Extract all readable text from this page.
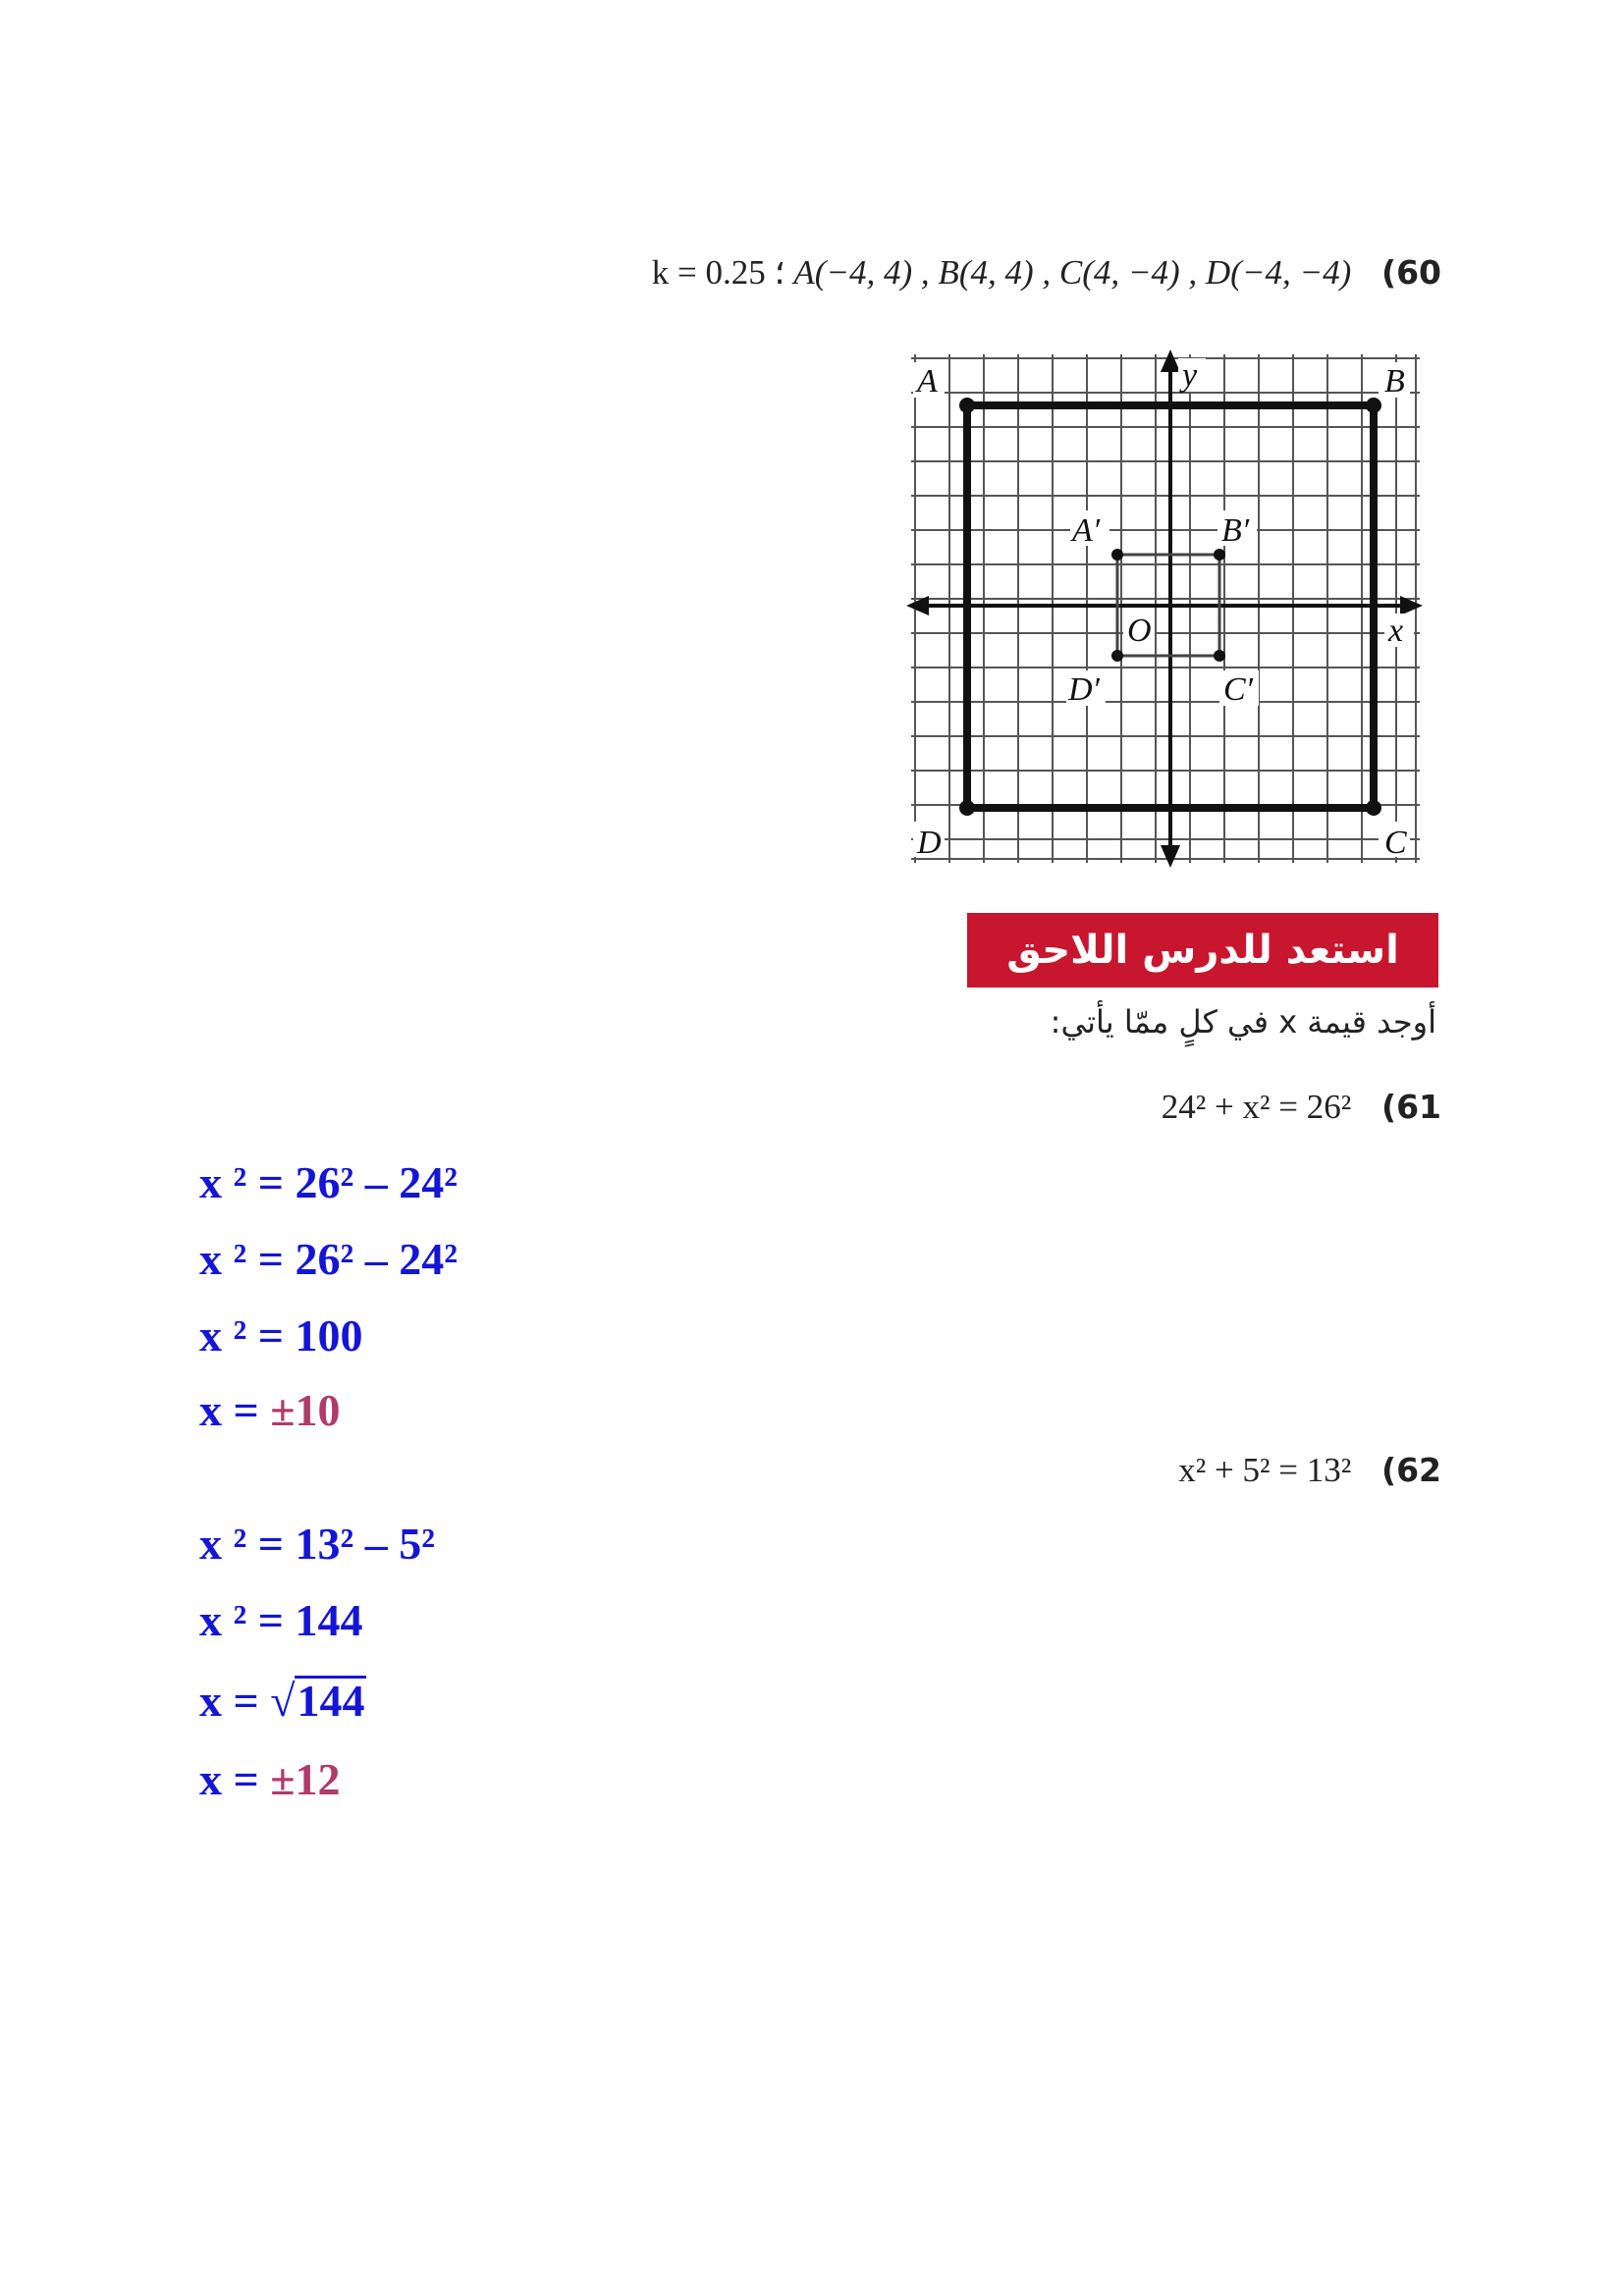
k = 0.25 ؛ A(−4, 4) , B(4, 4) , C(4, −4) , D(−4, −4) (60
A	B
C
D
A′	B′
C′
D′
O	x
y
استعد للدرس اللاحق
أوجد قيمة x في كلٍ ممّا يأتي:
24² + x² = 26² (61
x ² = 26² – 24²
x ² = 26² – 24²
x ² = 100
x = ±10
x² + 5² = 13² (62
x ² = 13² – 5²
x ² = 144
x = √144
x = ±12
